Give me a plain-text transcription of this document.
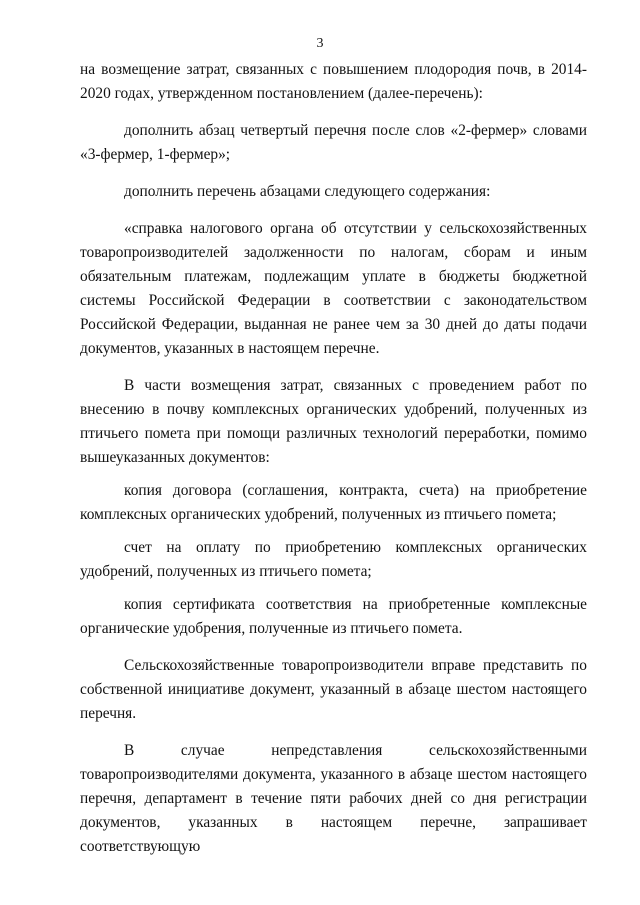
3

на возмещение затрат, связанных с повышением плодородия почв, в 2014-2020 годах, утвержденном постановлением (далее-перечень):

дополнить абзац четвертый перечня после слов «2-фермер» словами «3-фермер, 1-фермер»;

дополнить перечень абзацами следующего содержания:

«справка налогового органа об отсутствии у сельскохозяйственных товаропроизводителей задолженности по налогам, сборам и иным обязательным платежам, подлежащим уплате в бюджеты бюджетной системы Российской Федерации в соответствии с законодательством Российской Федерации, выданная не ранее чем за 30 дней до даты подачи документов, указанных в настоящем перечне.

В части возмещения затрат, связанных с проведением работ по внесению в почву комплексных органических удобрений, полученных из птичьего помета при помощи различных технологий переработки, помимо вышеуказанных документов:

копия договора (соглашения, контракта, счета) на приобретение комплексных органических удобрений, полученных из птичьего помета;

счет на оплату по приобретению комплексных органических удобрений, полученных из птичьего помета;

копия сертификата соответствия на приобретенные комплексные органические удобрения, полученные из птичьего помета.

Сельскохозяйственные товаропроизводители вправе представить по собственной инициативе документ, указанный в абзаце шестом настоящего перечня.

В случае непредставления сельскохозяйственными товаропроизводителями документа, указанного в абзаце шестом настоящего перечня, департамент в течение пяти рабочих дней со дня регистрации документов, указанных в настоящем перечне, запрашивает соответствующую
